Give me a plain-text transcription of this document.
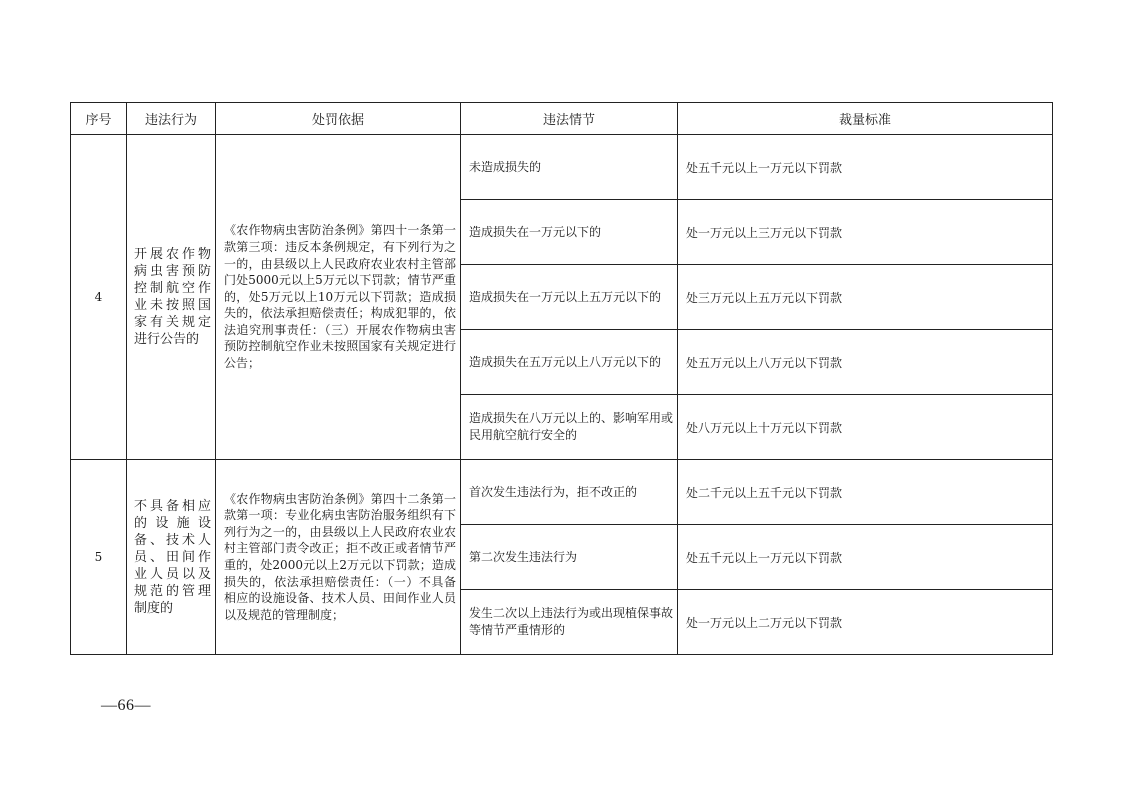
序号	违法行为	处罚依据	违法情节	裁量标准
4	开展农作物病虫害预防控制航空作业未按照国家有关规定进行公告的	《农作物病虫害防治条例》第四十一条第一款第三项：违反本条例规定，有下列行为之一的，由县级以上人民政府农业农村主管部门处5000元以上5万元以下罚款；情节严重的，处5万元以上10万元以下罚款；造成损失的，依法承担赔偿责任；构成犯罪的，依法追究刑事责任：（三）开展农作物病虫害预防控制航空作业未按照国家有关规定进行公告；	未造成损失的	处五千元以上一万元以下罚款
			造成损失在一万元以下的	处一万元以上三万元以下罚款
			造成损失在一万元以上五万元以下的	处三万元以上五万元以下罚款
			造成损失在五万元以上八万元以下的	处五万元以上八万元以下罚款
			造成损失在八万元以上的、影响军用或民用航空航行安全的	处八万元以上十万元以下罚款
5	不具备相应的设施设备、技术人员、田间作业人员以及规范的管理制度的	《农作物病虫害防治条例》第四十二条第一款第一项：专业化病虫害防治服务组织有下列行为之一的，由县级以上人民政府农业农村主管部门责令改正；拒不改正或者情节严重的，处2000元以上2万元以下罚款；造成损失的，依法承担赔偿责任：（一）不具备相应的设施设备、技术人员、田间作业人员以及规范的管理制度；	首次发生违法行为，拒不改正的	处二千元以上五千元以下罚款
			第二次发生违法行为	处五千元以上一万元以下罚款
			发生二次以上违法行为或出现植保事故等情节严重情形的	处一万元以上二万元以下罚款
—66—
